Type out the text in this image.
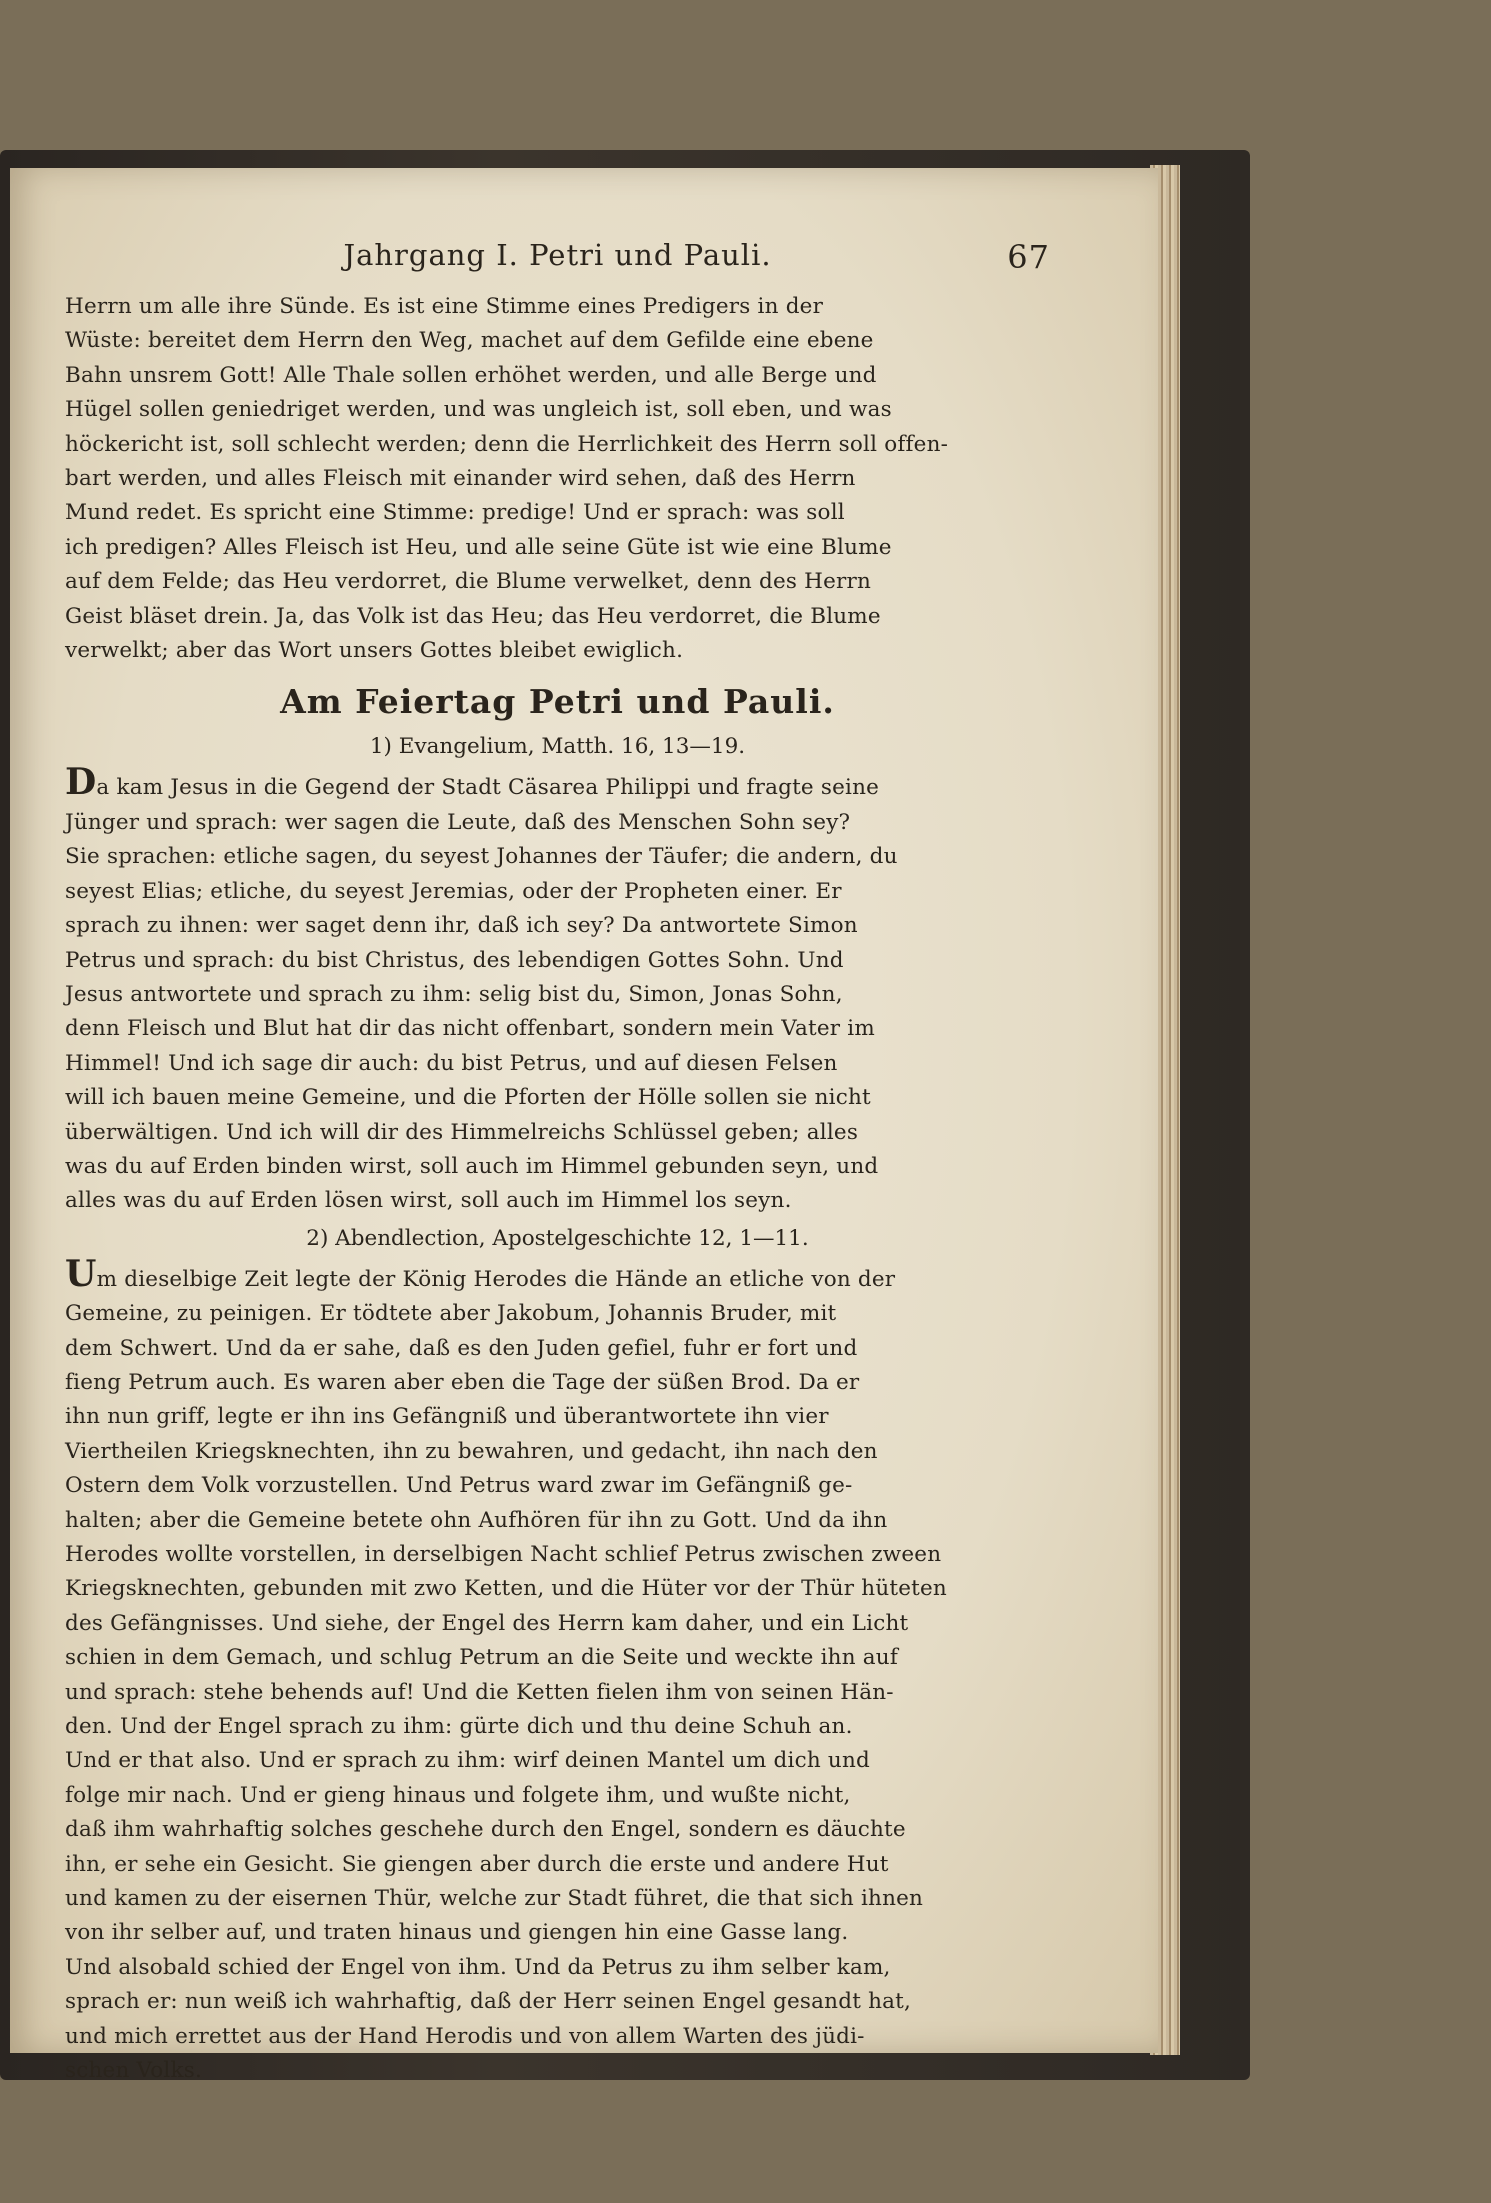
Jahrgang I. Petri und Pauli.	67

Herrn um alle ihre Sünde. Es ist eine Stimme eines Predigers in der
Wüste: bereitet dem Herrn den Weg, machet auf dem Gefilde eine ebene
Bahn unsrem Gott! Alle Thale sollen erhöhet werden, und alle Berge und
Hügel sollen geniedriget werden, und was ungleich ist, soll eben, und was
höckericht ist, soll schlecht werden; denn die Herrlichkeit des Herrn soll offen-
bart werden, und alles Fleisch mit einander wird sehen, daß des Herrn
Mund redet. Es spricht eine Stimme: predige! Und er sprach: was soll
ich predigen? Alles Fleisch ist Heu, und alle seine Güte ist wie eine Blume
auf dem Felde; das Heu verdorret, die Blume verwelket, denn des Herrn
Geist bläset drein. Ja, das Volk ist das Heu; das Heu verdorret, die Blume
verwelkt; aber das Wort unsers Gottes bleibet ewiglich.

Am Feiertag Petri und Pauli.
1) Evangelium, Matth. 16, 13—19.

Da kam Jesus in die Gegend der Stadt Cäsarea Philippi und fragte seine
Jünger und sprach: wer sagen die Leute, daß des Menschen Sohn sey?
Sie sprachen: etliche sagen, du seyest Johannes der Täufer; die andern, du
seyest Elias; etliche, du seyest Jeremias, oder der Propheten einer. Er
sprach zu ihnen: wer saget denn ihr, daß ich sey? Da antwortete Simon
Petrus und sprach: du bist Christus, des lebendigen Gottes Sohn. Und
Jesus antwortete und sprach zu ihm: selig bist du, Simon, Jonas Sohn,
denn Fleisch und Blut hat dir das nicht offenbart, sondern mein Vater im
Himmel! Und ich sage dir auch: du bist Petrus, und auf diesen Felsen
will ich bauen meine Gemeine, und die Pforten der Hölle sollen sie nicht
überwältigen. Und ich will dir des Himmelreichs Schlüssel geben; alles
was du auf Erden binden wirst, soll auch im Himmel gebunden seyn, und
alles was du auf Erden lösen wirst, soll auch im Himmel los seyn.

2) Abendlection, Apostelgeschichte 12, 1—11.

Um dieselbige Zeit legte der König Herodes die Hände an etliche von der
Gemeine, zu peinigen. Er tödtete aber Jakobum, Johannis Bruder, mit
dem Schwert. Und da er sahe, daß es den Juden gefiel, fuhr er fort und
fieng Petrum auch. Es waren aber eben die Tage der süßen Brod. Da er
ihn nun griff, legte er ihn ins Gefängniß und überantwortete ihn vier
Viertheilen Kriegsknechten, ihn zu bewahren, und gedacht, ihn nach den
Ostern dem Volk vorzustellen. Und Petrus ward zwar im Gefängniß ge-
halten; aber die Gemeine betete ohn Aufhören für ihn zu Gott. Und da ihn
Herodes wollte vorstellen, in derselbigen Nacht schlief Petrus zwischen zween
Kriegsknechten, gebunden mit zwo Ketten, und die Hüter vor der Thür hüteten
des Gefängnisses. Und siehe, der Engel des Herrn kam daher, und ein Licht
schien in dem Gemach, und schlug Petrum an die Seite und weckte ihn auf
und sprach: stehe behends auf! Und die Ketten fielen ihm von seinen Hän-
den. Und der Engel sprach zu ihm: gürte dich und thu deine Schuh an.
Und er that also. Und er sprach zu ihm: wirf deinen Mantel um dich und
folge mir nach. Und er gieng hinaus und folgete ihm, und wußte nicht,
daß ihm wahrhaftig solches geschehe durch den Engel, sondern es däuchte
ihn, er sehe ein Gesicht. Sie giengen aber durch die erste und andere Hut
und kamen zu der eisernen Thür, welche zur Stadt führet, die that sich ihnen
von ihr selber auf, und traten hinaus und giengen hin eine Gasse lang.
Und alsobald schied der Engel von ihm. Und da Petrus zu ihm selber kam,
sprach er: nun weiß ich wahrhaftig, daß der Herr seinen Engel gesandt hat,
und mich errettet aus der Hand Herodis und von allem Warten des jüdi-
schen Volks.
